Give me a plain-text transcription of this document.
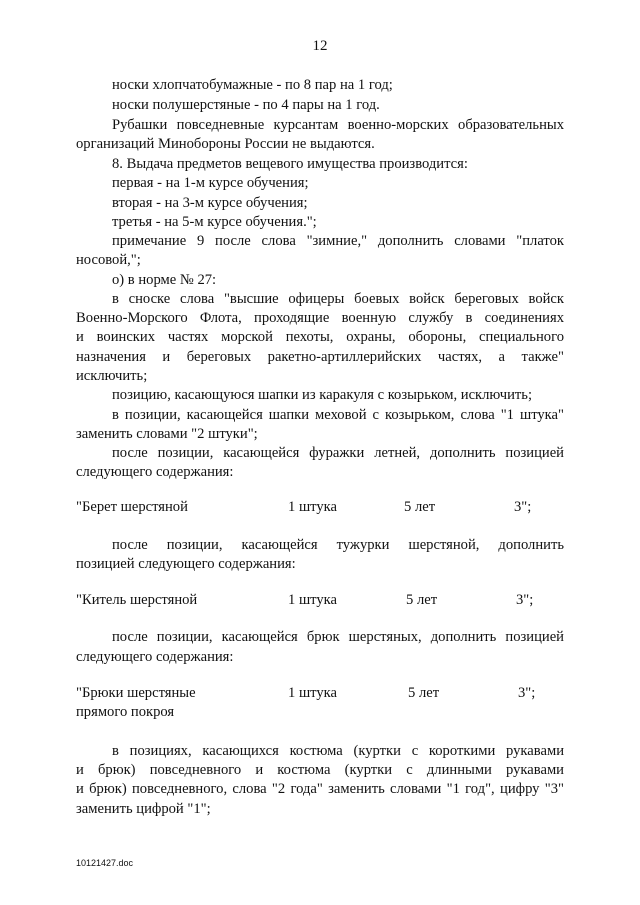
12
носки хлопчатобумажные - по 8 пар на 1 год;
носки полушерстяные - по 4 пары на 1 год.
Рубашки повседневные курсантам военно-морских образовательных
организаций Минобороны России не выдаются.
8. Выдача предметов вещевого имущества производится:
первая - на 1-м курсе обучения;
вторая - на 3-м курсе обучения;
третья - на 5-м курсе обучения.";
примечание 9 после слова "зимние," дополнить словами "платок
носовой,";
о) в норме № 27:
в сноске слова "высшие офицеры боевых войск береговых войск
Военно-Морского Флота, проходящие военную службу в соединениях
и воинских частях морской пехоты, охраны, обороны, специального
назначения и береговых ракетно-артиллерийских частях, а также"
исключить;
позицию, касающуюся шапки из каракуля с козырьком, исключить;
в позиции, касающейся шапки меховой с козырьком, слова "1 штука"
заменить словами "2 штуки";
после позиции, касающейся фуражки летней, дополнить позицией
следующего содержания:
"Берет шерстяной	1 штука	5 лет	3";
после позиции, касающейся тужурки шерстяной, дополнить
позицией следующего содержания:
"Китель шерстяной	1 штука	5 лет	3";
после позиции, касающейся брюк шерстяных, дополнить позицией
следующего содержания:
"Брюки шерстяные	1 штука	5 лет	3";
прямого покроя
в позициях, касающихся костюма (куртки с короткими рукавами
и брюк) повседневного и костюма (куртки с длинными рукавами
и брюк) повседневного, слова "2 года" заменить словами "1 год", цифру "3"
заменить цифрой "1";
10121427.doc
